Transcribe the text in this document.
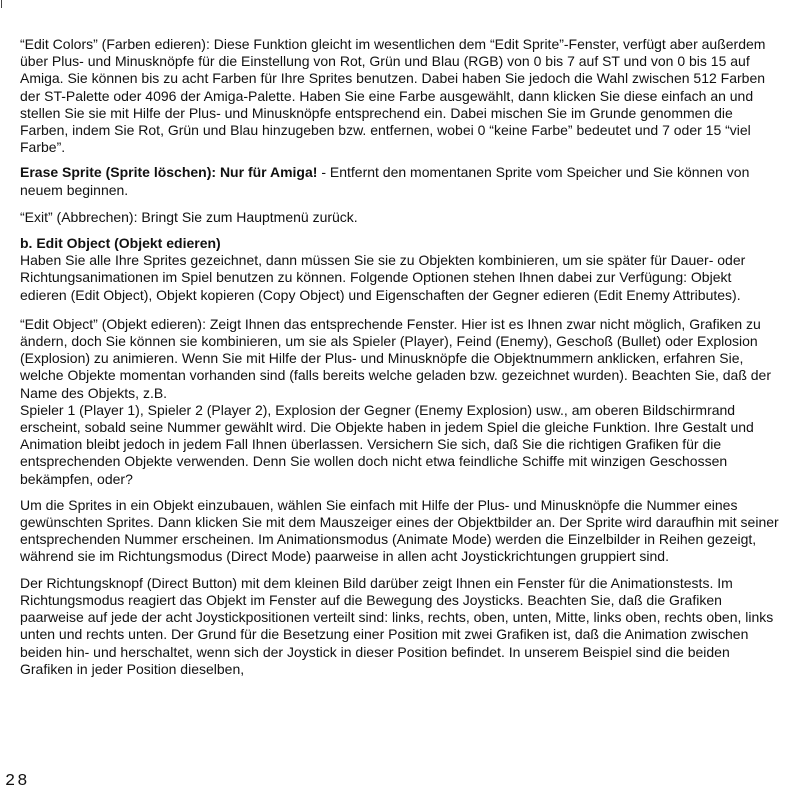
“Edit Colors” (Farben edieren): Diese Funktion gleicht im wesentlichen dem “Edit Sprite”-Fenster, verfügt aber außerdem über Plus- und Minusknöpfe für die Einstellung von Rot, Grün und Blau (RGB) von 0 bis 7 auf ST und von 0 bis 15 auf Amiga. Sie können bis zu acht Farben für Ihre Sprites benutzen. Dabei haben Sie jedoch die Wahl zwischen 512 Farben der ST-Palette oder 4096 der Amiga-Palette. Haben Sie eine Farbe ausgewählt, dann klicken Sie diese einfach an und stellen Sie sie mit Hilfe der Plus- und Minusknöpfe entsprechend ein. Dabei mischen Sie im Grunde genommen die Farben, indem Sie Rot, Grün und Blau hinzugeben bzw. entfernen, wobei 0 “keine Farbe” bedeutet und 7 oder 15 “viel Farbe”.

Erase Sprite (Sprite löschen): Nur für Amiga! - Entfernt den momentanen Sprite vom Speicher und Sie können von neuem beginnen.

“Exit” (Abbrechen): Bringt Sie zum Hauptmenü zurück.

b. Edit Object (Objekt edieren)

Haben Sie alle Ihre Sprites gezeichnet, dann müssen Sie sie zu Objekten kombinieren, um sie später für Dauer- oder Richtungsanimationen im Spiel benutzen zu können. Folgende Optionen stehen Ihnen dabei zur Verfügung: Objekt edieren (Edit Object), Objekt kopieren (Copy Object) und Eigenschaften der Gegner edieren (Edit Enemy Attributes).

“Edit Object” (Objekt edieren): Zeigt Ihnen das entsprechende Fenster. Hier ist es Ihnen zwar nicht möglich, Grafiken zu ändern, doch Sie können sie kombinieren, um sie als Spieler (Player), Feind (Enemy), Geschoß (Bullet) oder Explosion (Explosion) zu animieren. Wenn Sie mit Hilfe der Plus- und Minusknöpfe die Objektnummern anklicken, erfahren Sie, welche Objekte momentan vorhanden sind (falls bereits welche geladen bzw. gezeichnet wurden). Beachten Sie, daß der Name des Objekts, z.B.

Spieler 1 (Player 1), Spieler 2 (Player 2), Explosion der Gegner (Enemy Explosion) usw., am oberen Bildschirmrand erscheint, sobald seine Nummer gewählt wird. Die Objekte haben in jedem Spiel die gleiche Funktion. Ihre Gestalt und Animation bleibt jedoch in jedem Fall Ihnen überlassen. Versichern Sie sich, daß Sie die richtigen Grafiken für die entsprechenden Objekte verwenden. Denn Sie wollen doch nicht etwa feindliche Schiffe mit winzigen Geschossen bekämpfen, oder?

Um die Sprites in ein Objekt einzubauen, wählen Sie einfach mit Hilfe der Plus- und Minusknöpfe die Nummer eines gewünschten Sprites. Dann klicken Sie mit dem Mauszeiger eines der Objektbilder an. Der Sprite wird daraufhin mit seiner entsprechenden Nummer erscheinen. Im Animationsmodus (Animate Mode) werden die Einzelbilder in Reihen gezeigt, während sie im Richtungsmodus (Direct Mode) paarweise in allen acht Joystickrichtungen gruppiert sind.

Der Richtungsknopf (Direct Button) mit dem kleinen Bild darüber zeigt Ihnen ein Fenster für die Animationstests. Im Richtungsmodus reagiert das Objekt im Fenster auf die Bewegung des Joysticks. Beachten Sie, daß die Grafiken paarweise auf jede der acht Joystickpositionen verteilt sind: links, rechts, oben, unten, Mitte, links oben, rechts oben, links unten und rechts unten. Der Grund für die Besetzung einer Position mit zwei Grafiken ist, daß die Animation zwischen beiden hin- und herschaltet, wenn sich der Joystick in dieser Position befindet. In unserem Beispiel sind die beiden Grafiken in jeder Position dieselben,

28
